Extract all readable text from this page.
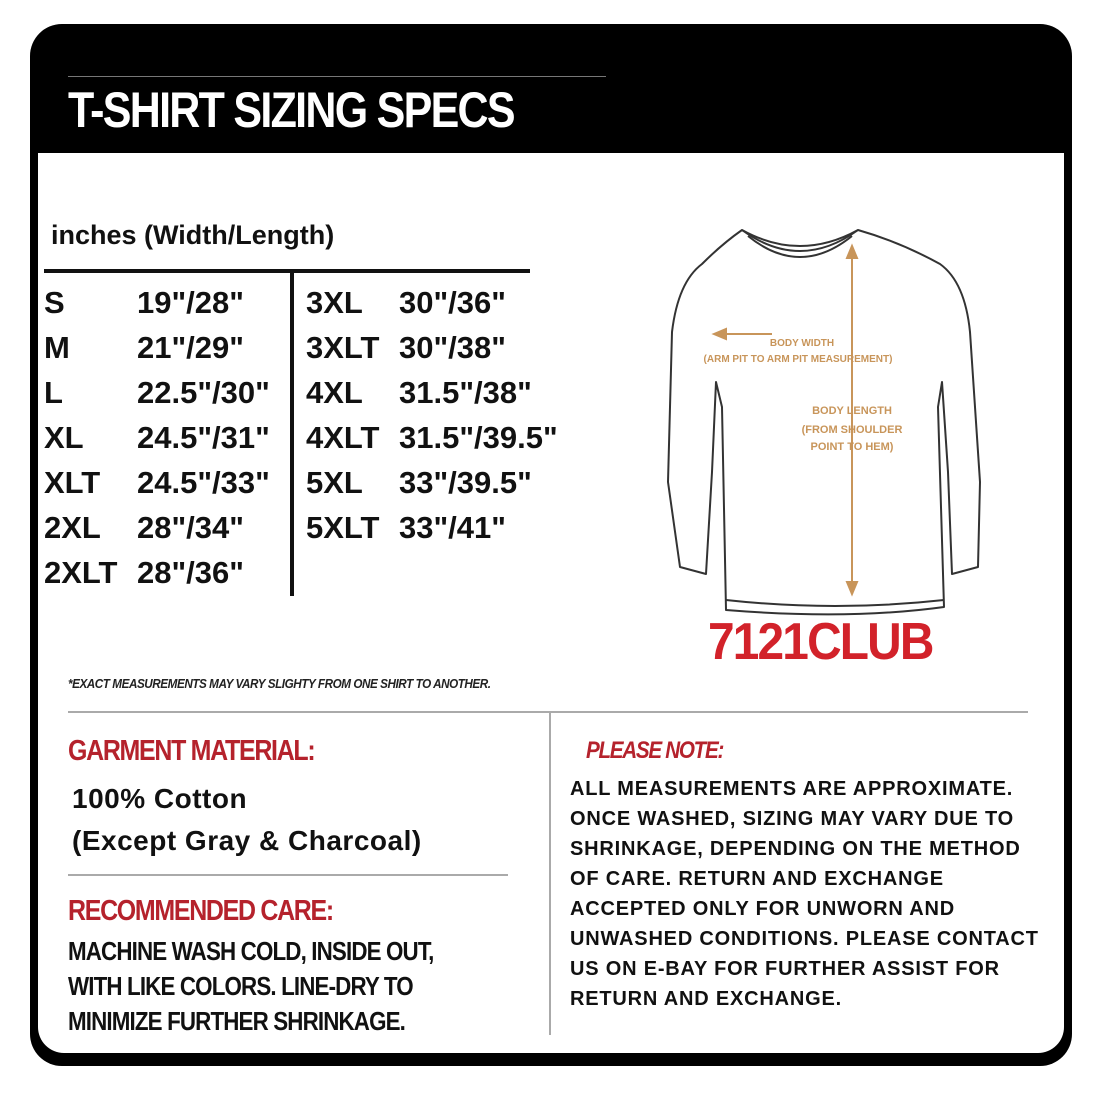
T-SHIRT SIZING SPECS

inches (Width/Length)

S 19"/28"
M 21"/29"
L 22.5"/30"
XL 24.5"/31"
XLT 24.5"/33"
2XL 28"/34"
2XLT 28"/36"
3XL 30"/36"
3XLT 30"/38"
4XL 31.5"/38"
4XLT 31.5"/39.5"
5XL 33"/39.5"
5XLT 33"/41"
BODY WIDTH
(ARM PIT TO ARM PIT MEASUREMENT)
BODY LENGTH
(FROM SHOULDER
POINT TO HEM)

7121CLUB

*EXACT MEASUREMENTS MAY VARY SLIGHTY FROM ONE SHIRT TO ANOTHER.

GARMENT MATERIAL:
100% Cotton
(Except Gray & Charcoal)
RECOMMENDED CARE:

MACHINE WASH COLD, INSIDE OUT, WITH LIKE COLORS. LINE-DRY TO MINIMIZE FURTHER SHRINKAGE.

PLEASE NOTE:

ALL MEASUREMENTS ARE APPROXIMATE. ONCE WASHED, SIZING MAY VARY DUE TO SHRINKAGE, DEPENDING ON THE METHOD OF CARE. RETURN AND EXCHANGE ACCEPTED ONLY FOR UNWORN AND UNWASHED CONDITIONS. PLEASE CONTACT US ON E-BAY FOR FURTHER ASSIST FOR RETURN AND EXCHANGE.
